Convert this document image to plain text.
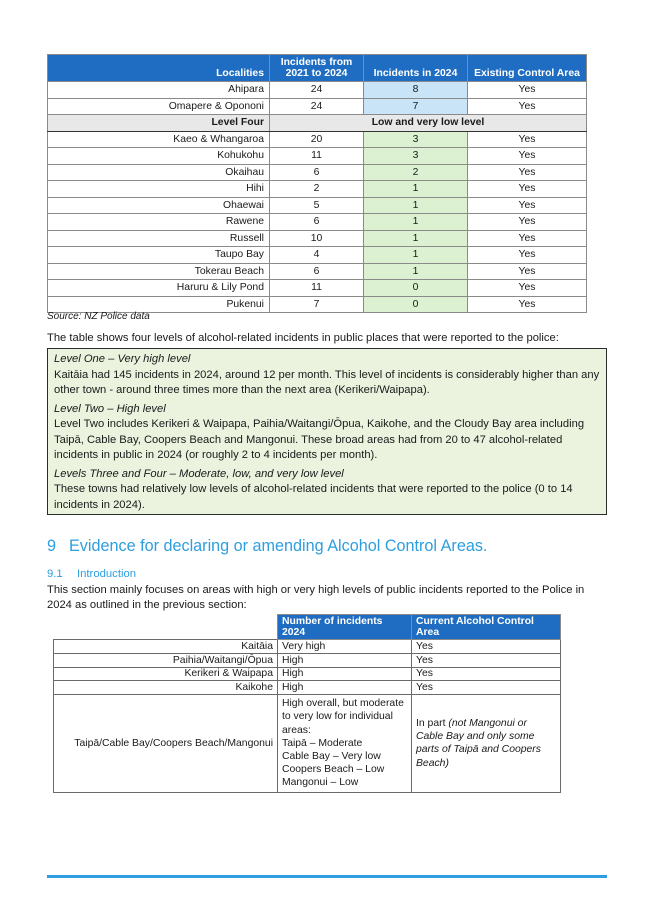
Localities	Incidents from 2021 to 2024	Incidents in 2024	Existing Control Area
Ahipara	24	8	Yes
Omapere & Opononi	24	7	Yes
Level Four	Low and very low level		
Kaeo & Whangaroa	20	3	Yes
Kohukohu	11	3	Yes
Okaihau	6	2	Yes
Hihi	2	1	Yes
Ohaewai	5	1	Yes
Rawene	6	1	Yes
Russell	10	1	Yes
Taupo Bay	4	1	Yes
Tokerau Beach	6	1	Yes
Haruru & Lily Pond	11	0	Yes
Pukenui	7	0	Yes
Source: NZ Police data
The table shows four levels of alcohol-related incidents in public places that were reported to the police:
Level One – Very high level
Kaitāia had 145 incidents in 2024, around 12 per month. This level of incidents is considerably higher than any other town - around three times more than the next area (Kerikeri/Waipapa).
Level Two – High level
Level Two includes Kerikeri & Waipapa, Paihia/Waitangi/Ōpua, Kaikohe, and the Cloudy Bay area including Taipā, Cable Bay, Coopers Beach and Mangonui. These broad areas had from 20 to 47 alcohol-related incidents in public in 2024 (or roughly 2 to 4 incidents per month).
Levels Three and Four – Moderate, low, and very low level
These towns had relatively low levels of alcohol-related incidents that were reported to the police (0 to 14 incidents in 2024).
9 Evidence for declaring or amending Alcohol Control Areas.
9.1 Introduction
This section mainly focuses on areas with high or very high levels of public incidents reported to the Police in 2024 as outlined in the previous section:
	Number of incidents 2024	Current Alcohol Control Area
Kaitāia	Very high	Yes
Paihia/Waitangi/Ōpua	High	Yes
Kerikeri & Waipapa	High	Yes
Kaikohe	High	Yes
Taipā/Cable Bay/Coopers Beach/Mangonui	High overall, but moderate to very low for individual areas:
Taipā – Moderate
Cable Bay – Very low
Coopers Beach – Low
Mangonui – Low	In part (not Mangonui or Cable Bay and only some parts of Taipā and Coopers Beach)
